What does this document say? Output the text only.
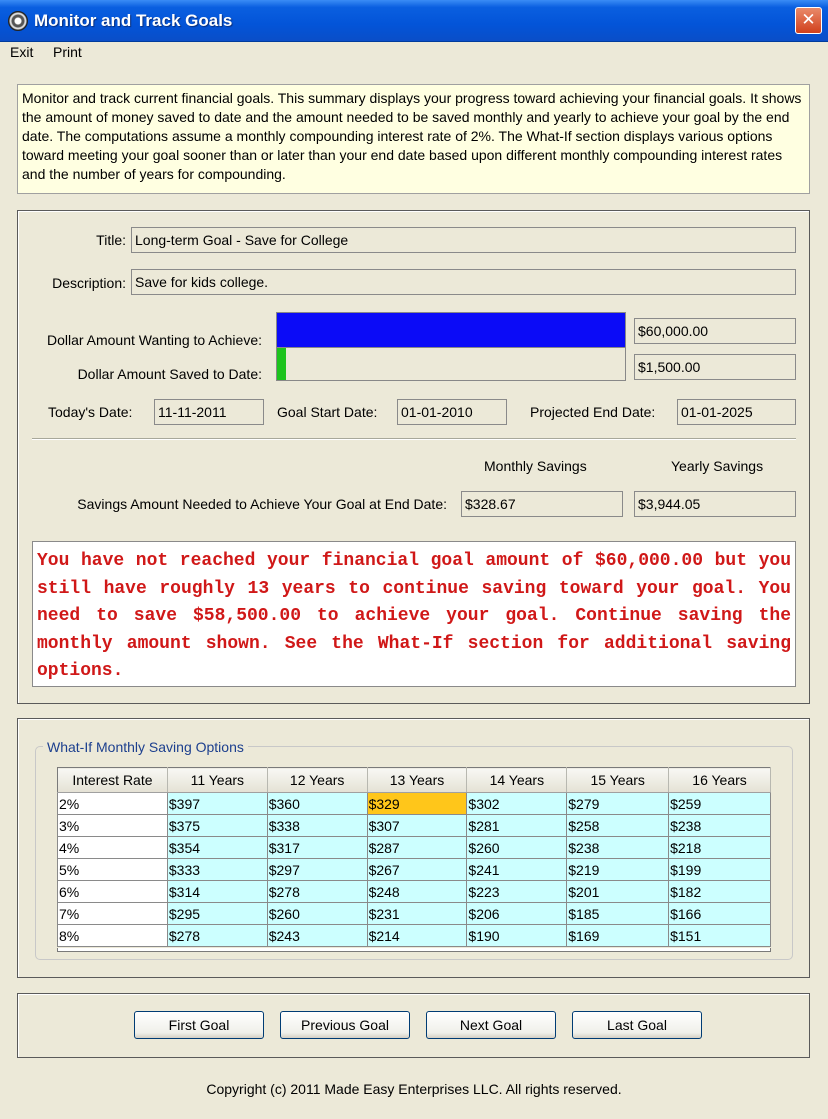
Monitor and Track Goals	✕
Exit Print
Monitor and track current financial goals. This summary displays your progress toward achieving your financial goals. It shows the amount of money saved to date and the amount needed to be saved monthly and yearly to achieve your goal by the end date. The computations assume a monthly compounding interest rate of 2%. The What-If section displays various options toward meeting your goal sooner than or later than your end date based upon different monthly compounding interest rates and the number of years for compounding.
Title: Long-term Goal - Save for College
Description: Save for kids college.
Dollar Amount Wanting to Achieve:
$60,000.00
Dollar Amount Saved to Date:	$1,500.00
Today's Date: 11-11-2011	Goal Start Date: 01-01-2010	Projected End Date: 01-01-2025
Monthly Savings	Yearly Savings
Savings Amount Needed to Achieve Your Goal at End Date: $328.67	$3,944.05
You have not reached your financial goal amount of $60,000.00 but you still have roughly 13 years to continue saving toward your goal. You need to save $58,500.00 to achieve your goal. Continue saving the monthly amount shown. See the What-If section for additional saving options.
What-If Monthly Saving Options
Interest Rate	11 Years	12 Years	13 Years	14 Years	15 Years	16 Years
2%	$397	$360	$329	$302	$279	$259
3%	$375	$338	$307	$281	$258	$238
4%	$354	$317	$287	$260	$238	$218
5%	$333	$297	$267	$241	$219	$199
6%	$314	$278	$248	$223	$201	$182
7%	$295	$260	$231	$206	$185	$166
8%	$278	$243	$214	$190	$169	$151
First Goal	Previous Goal	Next Goal	Last Goal
Copyright (c) 2011 Made Easy Enterprises LLC. All rights reserved.
